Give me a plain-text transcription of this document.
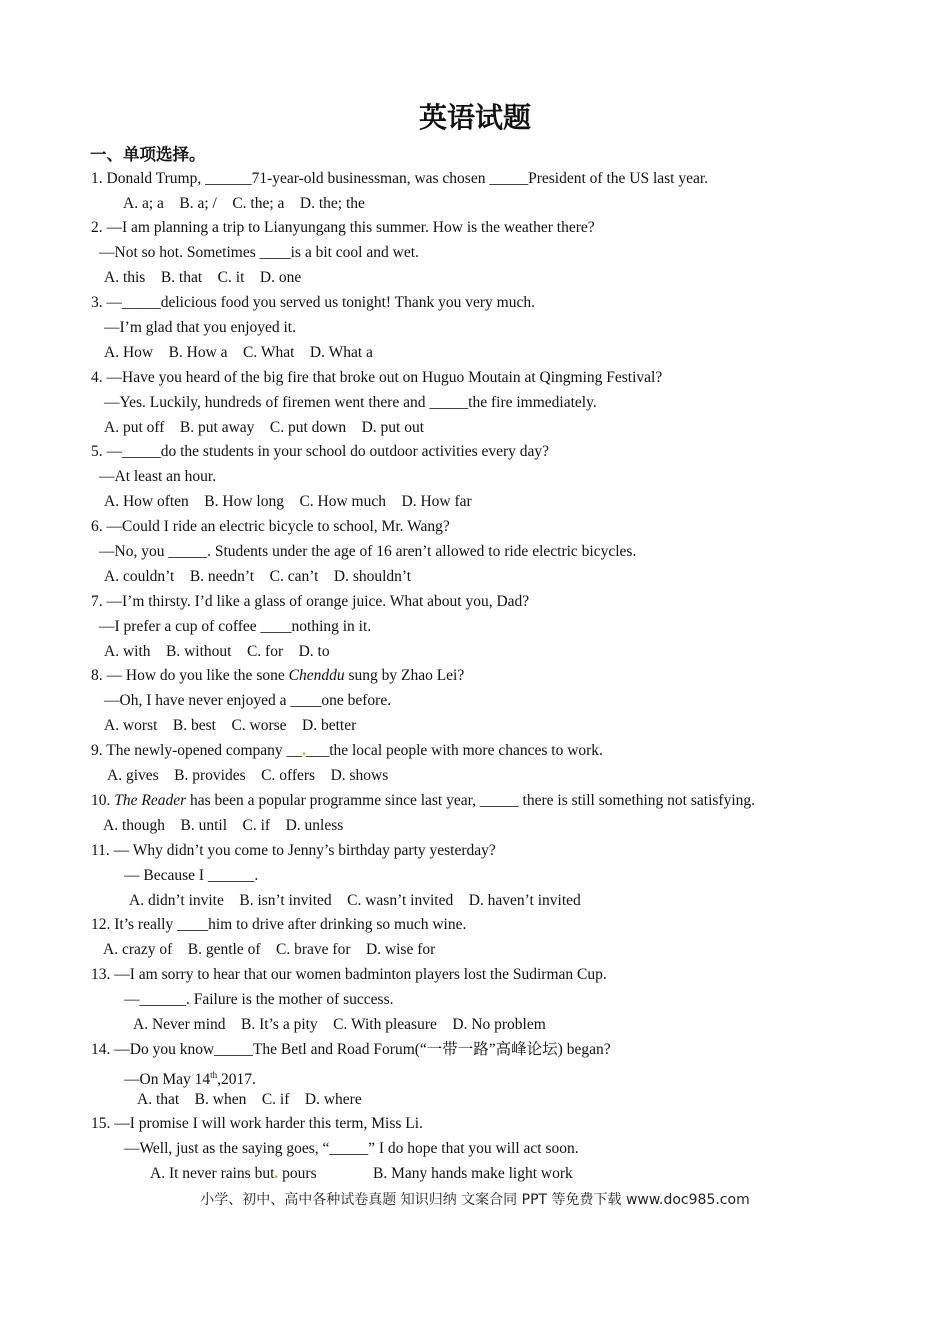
英语试题
一、单项选择。
1. Donald Trump, ______71-year-old businessman, was chosen _____President of the US last year.
A. a; a    B. a; /    C. the; a    D. the; the
2. —I am planning a trip to Lianyungang this summer. How is the weather there?
—Not so hot. Sometimes ____is a bit cool and wet.
A. this    B. that    C. it    D. one
3. —_____delicious food you served us tonight! Thank you very much.
—I’m glad that you enjoyed it.
A. How    B. How a    C. What    D. What a
4. —Have you heard of the big fire that broke out on Huguo Moutain at Qingming Festival?
—Yes. Luckily, hundreds of firemen went there and _____the fire immediately.
A. put off    B. put away    C. put down    D. put out
5. —_____do the students in your school do outdoor activities every day?
—At least an hour.
A. How often    B. How long    C. How much    D. How far
6. —Could I ride an electric bicycle to school, Mr. Wang?
—No, you _____. Students under the age of 16 aren’t allowed to ride electric bicycles.
A. couldn’t    B. needn’t    C. can’t    D. shouldn’t
7. —I’m thirsty. I’d like a glass of orange juice. What about you, Dad?
—I prefer a cup of coffee ____nothing in it.
A. with    B. without    C. for    D. to
8. — How do you like the sone Chenddu sung by Zhao Lei?
—Oh, I have never enjoyed a ____one before.
A. worst    B. best    C. worse    D. better
9. The newly-opened company __.___the local people with more chances to work.
A. gives    B. provides    C. offers    D. shows
10. The Reader has been a popular programme since last year, _____ there is still something not satisfying.
A. though    B. until    C. if    D. unless
11. — Why didn’t you come to Jenny’s birthday party yesterday?
— Because I ______.
A. didn’t invite    B. isn’t invited    C. wasn’t invited    D. haven’t invited
12. It’s really ____him to drive after drinking so much wine.
A. crazy of    B. gentle of    C. brave for    D. wise for
13. —I am sorry to hear that our women badminton players lost the Sudirman Cup.
—______. Failure is the mother of success.
A. Never mind    B. It’s a pity    C. With pleasure    D. No problem
14. —Do you know_____The Betl and Road Forum(“一带一路”高峰论坛) began?
—On May 14th,2017.
A. that    B. when    C. if    D. where
15. —I promise I will work harder this term, Miss Li.
—Well, just as the saying goes, “_____” I do hope that you will act soon.
A. It never rains but. pours	B. Many hands make light work
小学、初中、高中各种试卷真题 知识归纳 文案合同 PPT 等免费下载 www.doc985.com
